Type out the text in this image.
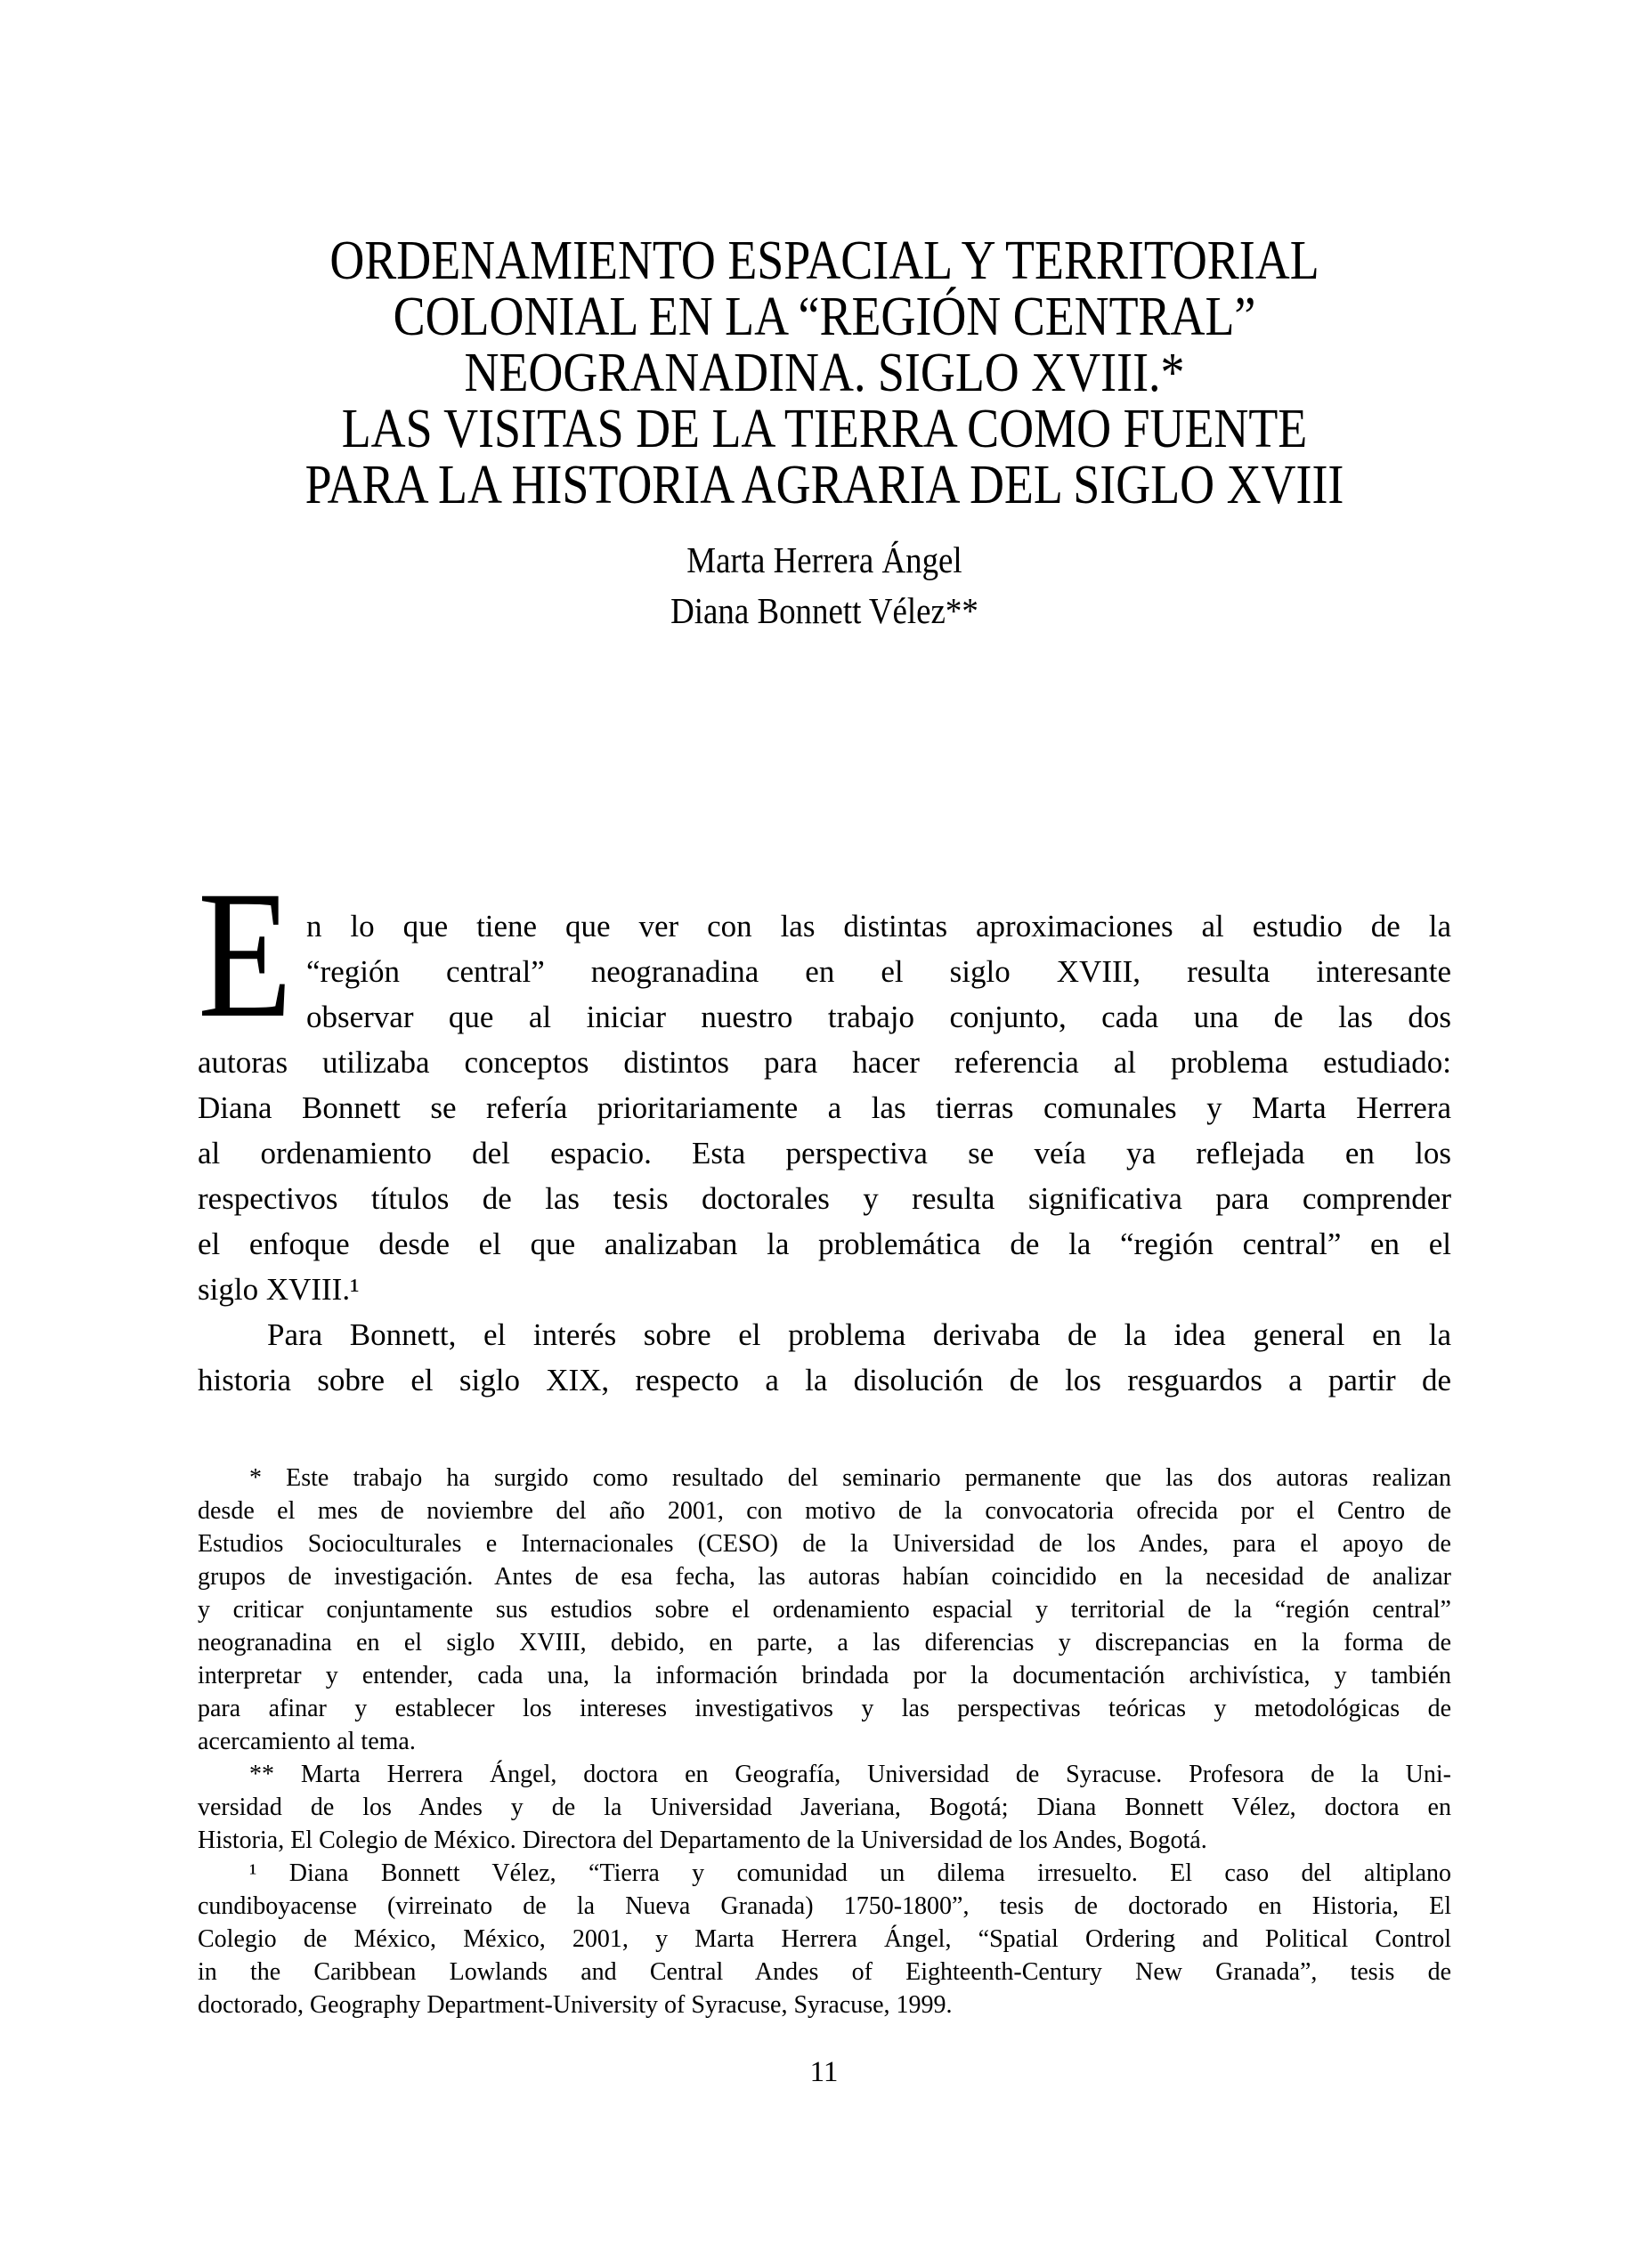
ORDENAMIENTO ESPACIAL Y TERRITORIAL
COLONIAL EN LA “REGIÓN CENTRAL”
NEOGRANADINA. SIGLO XVIII.*
LAS VISITAS DE LA TIERRA COMO FUENTE
PARA LA HISTORIA AGRARIA DEL SIGLO XVIII
Marta Herrera Ángel
Diana Bonnett Vélez**
E n lo que tiene que ver con las distintas aproximaciones al estudio de la
“región central” neogranadina en el siglo XVIII, resulta interesante
observar que al iniciar nuestro trabajo conjunto, cada una de las dos
autoras utilizaba conceptos distintos para hacer referencia al problema estudiado:
Diana Bonnett se refería prioritariamente a las tierras comunales y Marta Herrera
al ordenamiento del espacio. Esta perspectiva se veía ya reflejada en los
respectivos títulos de las tesis doctorales y resulta significativa para comprender
el enfoque desde el que analizaban la problemática de la “región central” en el
siglo XVIII.¹
Para Bonnett, el interés sobre el problema derivaba de la idea general en la
historia sobre el siglo XIX, respecto a la disolución de los resguardos a partir de
* Este trabajo ha surgido como resultado del seminario permanente que las dos autoras realizan
desde el mes de noviembre del año 2001, con motivo de la convocatoria ofrecida por el Centro de
Estudios Socioculturales e Internacionales (CESO) de la Universidad de los Andes, para el apoyo de
grupos de investigación. Antes de esa fecha, las autoras habían coincidido en la necesidad de analizar
y criticar conjuntamente sus estudios sobre el ordenamiento espacial y territorial de la “región central”
neogranadina en el siglo XVIII, debido, en parte, a las diferencias y discrepancias en la forma de
interpretar y entender, cada una, la información brindada por la documentación archivística, y también
para afinar y establecer los intereses investigativos y las perspectivas teóricas y metodológicas de
acercamiento al tema.
** Marta Herrera Ángel, doctora en Geografía, Universidad de Syracuse. Profesora de la Uni-
versidad de los Andes y de la Universidad Javeriana, Bogotá; Diana Bonnett Vélez, doctora en
Historia, El Colegio de México. Directora del Departamento de la Universidad de los Andes, Bogotá.
¹ Diana Bonnett Vélez, “Tierra y comunidad un dilema irresuelto. El caso del altiplano
cundiboyacense (virreinato de la Nueva Granada) 1750-1800”, tesis de doctorado en Historia, El
Colegio de México, México, 2001, y Marta Herrera Ángel, “Spatial Ordering and Political Control
in the Caribbean Lowlands and Central Andes of Eighteenth-Century New Granada”, tesis de
doctorado, Geography Department-University of Syracuse, Syracuse, 1999.
11
